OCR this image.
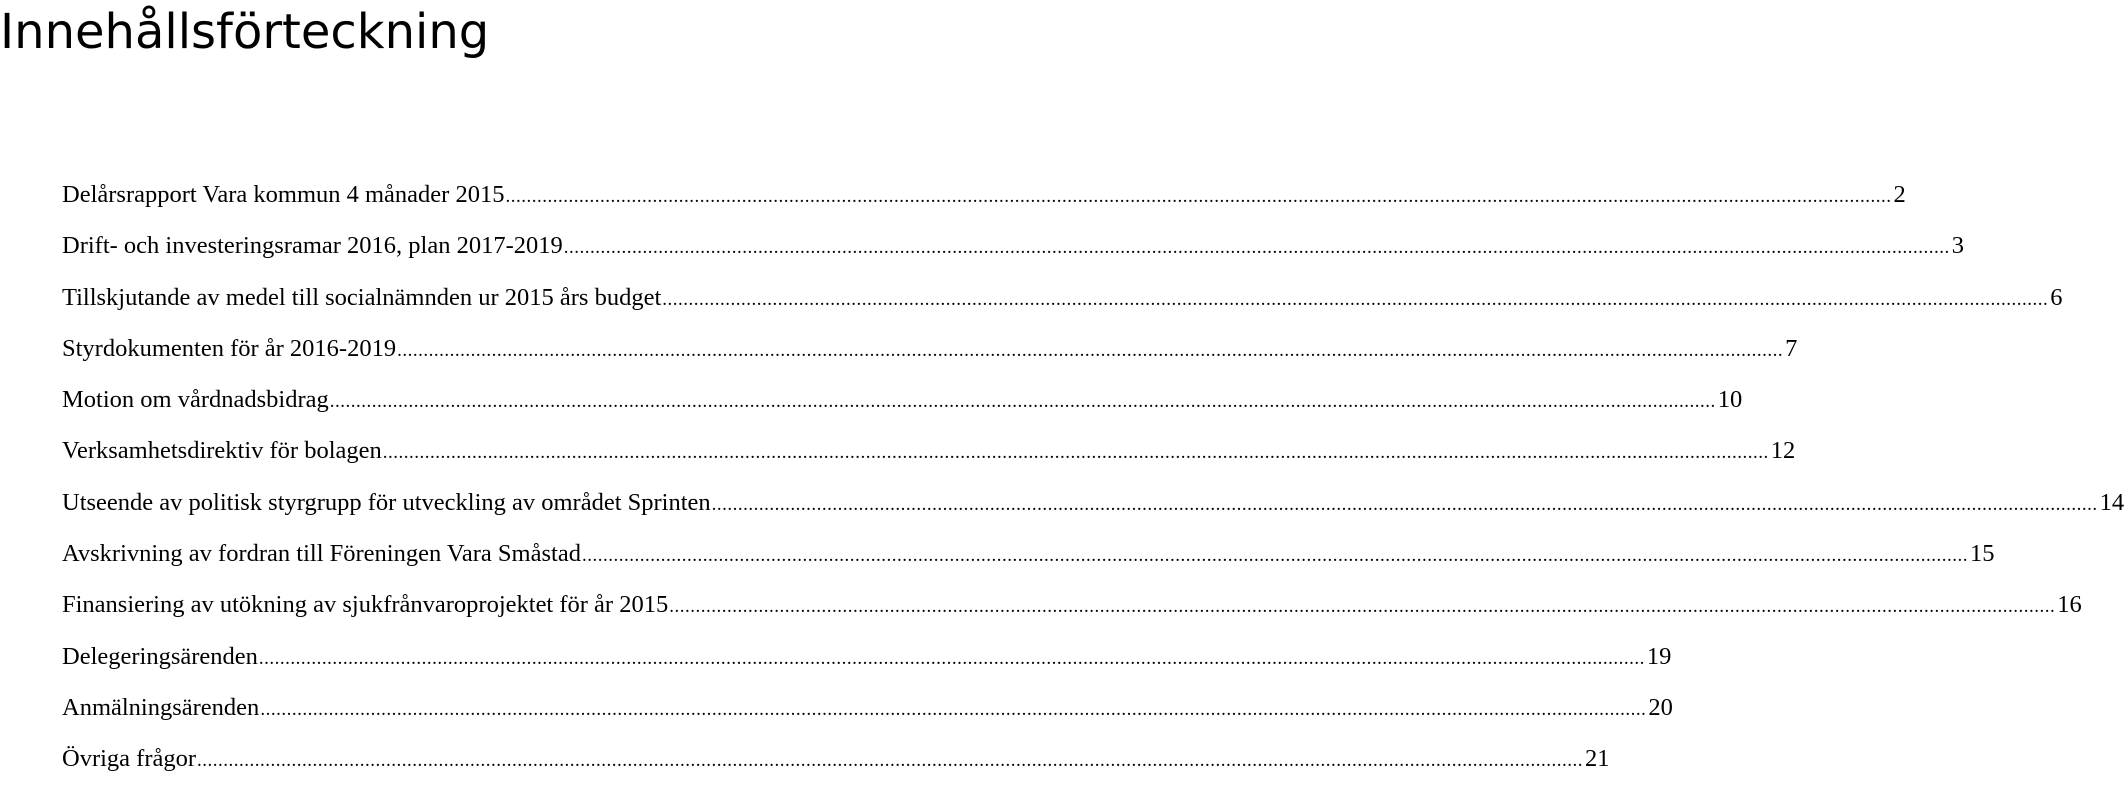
Innehållsförteckning
Delårsrapport Vara kommun 4 månader 2015 ........................................................................................................................................................................................................................................................................ 2
Drift- och investeringsramar 2016, plan 2017-2019 ........................................................................................................................................................................................................................................................................ 3
Tillskjutande av medel till socialnämnden ur 2015 års budget ........................................................................................................................................................................................................................................................................ 6
Styrdokumenten för år 2016-2019 ........................................................................................................................................................................................................................................................................ 7
Motion om vårdnadsbidrag ........................................................................................................................................................................................................................................................................ 10
Verksamhetsdirektiv för bolagen ........................................................................................................................................................................................................................................................................ 12
Utseende av politisk styrgrupp för utveckling av området Sprinten ........................................................................................................................................................................................................................................................................ 14
Avskrivning av fordran till Föreningen Vara Småstad ........................................................................................................................................................................................................................................................................ 15
Finansiering av utökning av sjukfrånvaroprojektet för år 2015 ........................................................................................................................................................................................................................................................................ 16
Delegeringsärenden ........................................................................................................................................................................................................................................................................ 19
Anmälningsärenden ........................................................................................................................................................................................................................................................................ 20
Övriga frågor ........................................................................................................................................................................................................................................................................ 21
